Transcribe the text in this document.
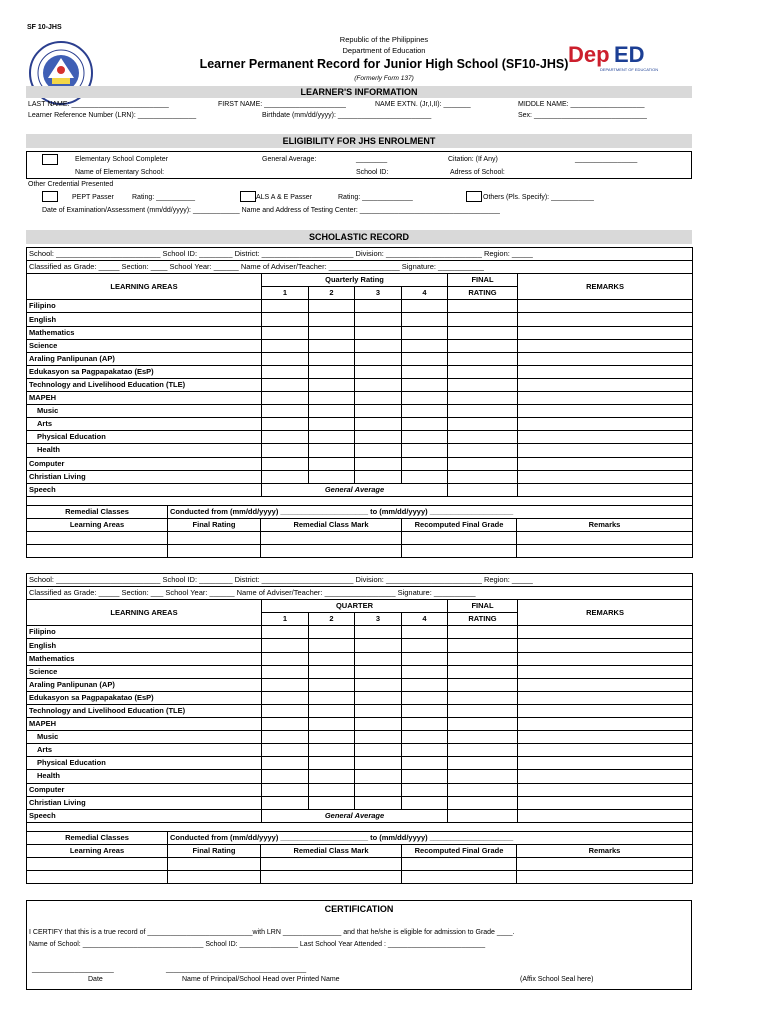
SF 10-JHS
Republic of the Philippines
Department of Education
Learner Permanent Record for Junior High School (SF10-JHS)
(Formerly Form 137)
Dep ED
DEPARTMENT OF EDUCATION
LEARNER'S INFORMATION
LAST NAME: _________________________	FIRST NAME: _____________________	NAME EXTN. (Jr,I,II): _______	MIDDLE NAME: ___________________
Learner Reference Number (LRN): _______________	Birthdate (mm/dd/yyyy): ________________________	Sex: _____________________________
ELIGIBILITY FOR JHS ENROLMENT
Elementary School Completer	General Average:	________	Citation: (If Any)	________________
Name of Elementary School:	School ID:	Adress of School:
Other Credential Presented
PEPT Passer	Rating: __________	ALS A & E Passer	Rating: _____________	Others (Pls. Specify): ___________
Date of Examination/Assessment (mm/dd/yyyy): ____________ Name and Address of Testing Center: ____________________________________
SCHOLASTIC RECORD
School: _________________________ School ID: ________ District: ______________________ Division: _______________________ Region: _____						
Classified as Grade: _____ Section: ____ School Year: ______ Name of Adviser/Teacher: _________________ Signature: ___________						
LEARNING AREAS	Quarterly Rating				FINAL	REMARKS
	1	2	3	4	RATING	
Filipino						
English						
Mathematics						
Science						
Araling Panlipunan (AP)						
Edukasyon sa Pagpapakatao (EsP)						
Technology and Livelihood Education (TLE)						
MAPEH						
Music						
Arts						
Physical Education						
Health						
Computer						
Christian Living						
Speech	General Average					

Remedial Classes	Conducted from (mm/dd/yyyy) _____________________ to (mm/dd/yyyy) ____________________			
Learning Areas	Final Rating	Remedial Class Mark	Recomputed Final Grade	Remarks

School: _________________________ School ID: ________ District: ______________________ Division: _______________________ Region: _____						
Classified as Grade: _____ Section: ___ School Year: ______ Name of Adviser/Teacher: _________________ Signature: __________						
LEARNING AREAS	QUARTER				FINAL	REMARKS
	1	2	3	4	RATING	
Filipino						
English						
Mathematics						
Science						
Araling Panlipunan (AP)						
Edukasyon sa Pagpapakatao (EsP)						
Technology and Livelihood Education (TLE)						
MAPEH						
Music						
Arts						
Physical Education						
Health						
Computer						
Christian Living						
Speech	General Average					

Remedial Classes	Conducted from (mm/dd/yyyy) _____________________ to (mm/dd/yyyy) ____________________			
Learning Areas	Final Rating	Remedial Class Mark	Recomputed Final Grade	Remarks

CERTIFICATION
I CERTIFY that this is a true record of ___________________________with LRN _______________ and that he/she is eligible for admission to Grade ____.
Name of School: _______________________________ School ID: _______________ Last School Year Attended : _________________________
_____________________	____________________________________
Date	Name of Principal/School Head over Printed Name	(Affix School Seal here)
